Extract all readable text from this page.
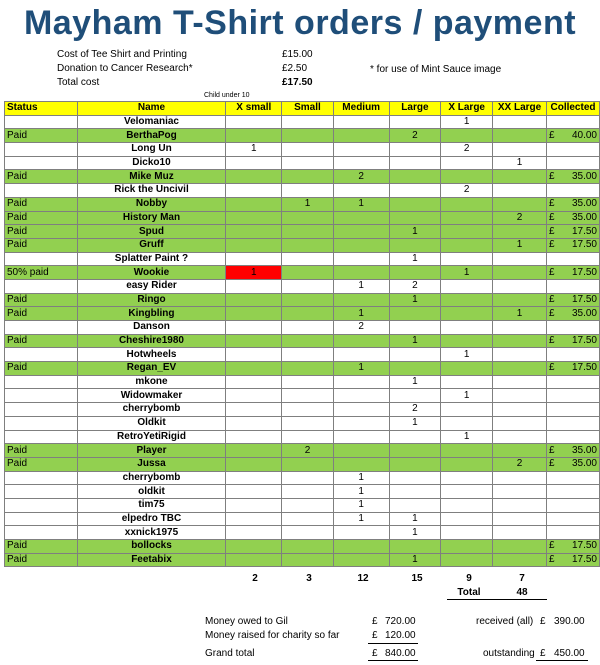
Mayham T-Shirt orders / payment
Cost of Tee Shirt and Printing	£15.00
Donation to Cancer Research*	£2.50
Total cost	£17.50
* for use of Mint Sauce image
Child under 10
Status	Name	X small	Small	Medium	Large	X Large	XX Large	Collected
	Velomaniac					1		
Paid	BerthaPog				2			£ 40.00
	Long Un	1				2		
	Dicko10						1	
Paid	Mike Muz			2				£ 35.00
	Rick the Uncivil					2		
Paid	Nobby		1	1				£ 35.00
Paid	History Man						2	£ 35.00
Paid	Spud				1			£ 17.50
Paid	Gruff						1	£ 17.50
	Splatter Paint ?				1			
50% paid	Wookie	1				1		£ 17.50
	easy Rider			1	2			
Paid	Ringo				1			£ 17.50
Paid	Kingbling			1			1	£ 35.00
	Danson			2				
Paid	Cheshire1980				1			£ 17.50
	Hotwheels					1		
Paid	Regan_EV			1				£ 17.50
	mkone				1			
	Widowmaker					1		
	cherrybomb				2			
	Oldkit				1			
	RetroYetiRigid					1		
Paid	Player		2					£ 35.00
Paid	Jussa						2	£ 35.00
	cherrybomb			1				
	oldkit			1				
	tim75			1				
	elpedro TBC			1	1			
	xxnick1975				1			
Paid	bollocks							£ 17.50
Paid	Feetabix				1			£ 17.50
2	3	12	15	9	7
Total	48
Money owed to Gil	£ 720.00
Money raised for charity so far	£ 120.00
Grand total	£ 840.00
received (all) £ 390.00
outstanding £ 450.00
